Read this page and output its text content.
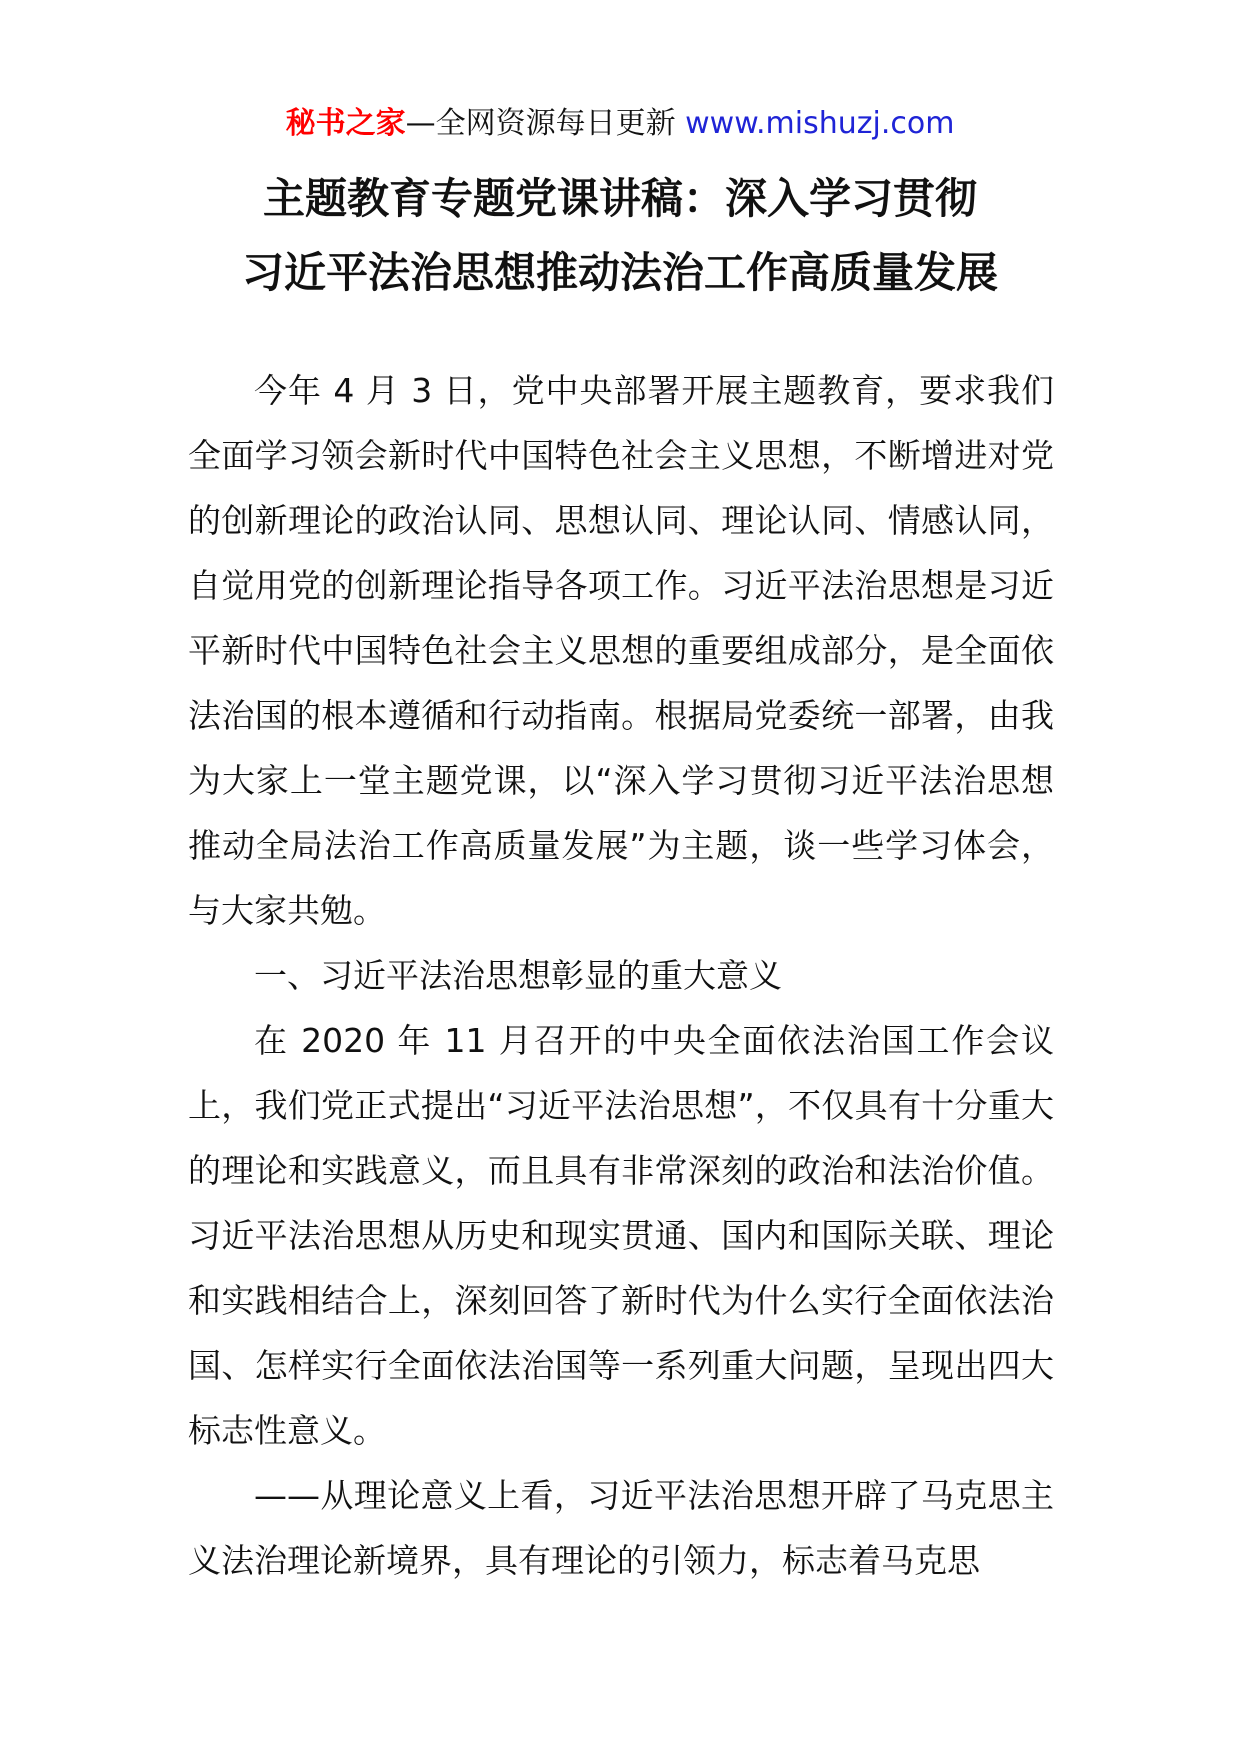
秘书之家—全网资源每日更新 www.mishuzj.com
主题教育专题党课讲稿：深入学习贯彻
习近平法治思想推动法治工作高质量发展

今年 4 月 3 日，党中央部署开展主题教育，要求我们全面学习领会新时代中国特色社会主义思想，不断增进对党的创新理论的政治认同、思想认同、理论认同、情感认同，自觉用党的创新理论指导各项工作。习近平法治思想是习近平新时代中国特色社会主义思想的重要组成部分，是全面依法治国的根本遵循和行动指南。根据局党委统一部署，由我为大家上一堂主题党课，以“深入学习贯彻习近平法治思想推动全局法治工作高质量发展”为主题，谈一些学习体会，与大家共勉。

一、习近平法治思想彰显的重大意义

在 2020 年 11 月召开的中央全面依法治国工作会议上，我们党正式提出“习近平法治思想”，不仅具有十分重大的理论和实践意义，而且具有非常深刻的政治和法治价值。习近平法治思想从历史和现实贯通、国内和国际关联、理论和实践相结合上，深刻回答了新时代为什么实行全面依法治国、怎样实行全面依法治国等一系列重大问题，呈现出四大标志性意义。

——从理论意义上看，习近平法治思想开辟了马克思主义法治理论新境界，具有理论的引领力，标志着马克思
